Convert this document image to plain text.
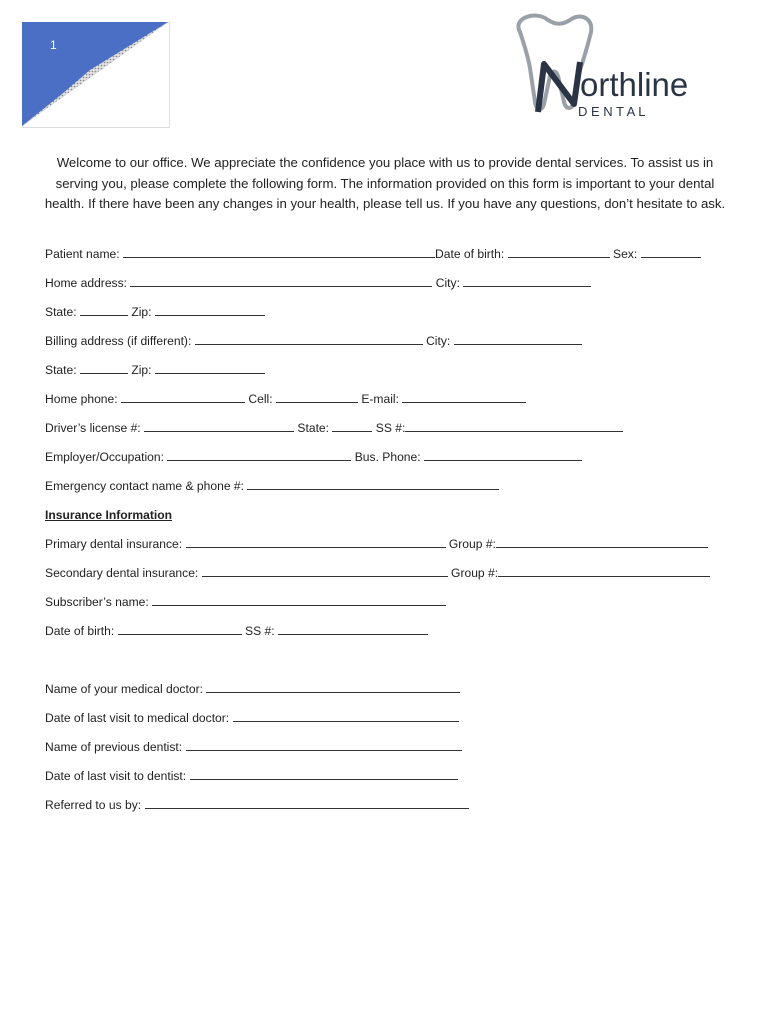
1
orthline
D E N T A L
Welcome to our office. We appreciate the confidence you place with us to provide dental services. To assist us in serving you, please complete the following form. The information provided on this form is important to your dental health. If there have been any changes in your health, please tell us. If you have any questions, don’t hesitate to ask.
Patient name:	Date of birth:	Sex:
Home address:	City:
State:	Zip:
Billing address (if different):	City:
State:	Zip:
Home phone:	Cell:	E-mail:
Driver’s license #:	State:	SS #:
Employer/Occupation:	Bus. Phone:
Emergency contact name & phone #:
Insurance Information
Primary dental insurance:	Group #:
Secondary dental insurance:	Group #:
Subscriber’s name:
Date of birth:	SS #:
Name of your medical doctor:
Date of last visit to medical doctor:
Name of previous dentist:
Date of last visit to dentist:
Referred to us by:
